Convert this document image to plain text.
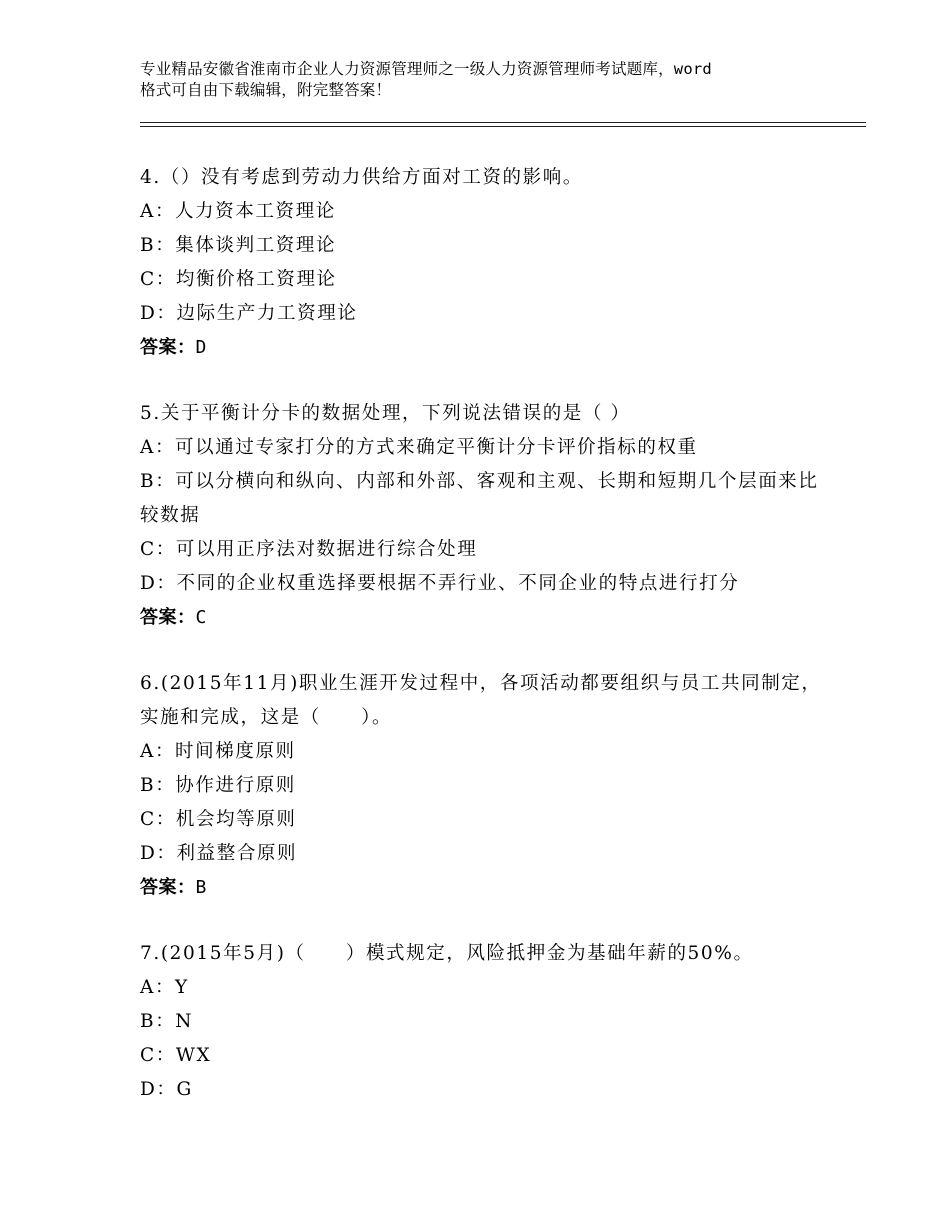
专业精品安徽省淮南市企业人力资源管理师之一级人力资源管理师考试题库，word
格式可自由下载编辑，附完整答案！
4.（）没有考虑到劳动力供给方面对工资的影响。
A：人力资本工资理论
B：集体谈判工资理论
C：均衡价格工资理论
D：边际生产力工资理论
答案：D
5.关于平衡计分卡的数据处理，下列说法错误的是（ ）
A：可以通过专家打分的方式来确定平衡计分卡评价指标的权重
B：可以分横向和纵向、内部和外部、客观和主观、长期和短期几个层面来比较数据
C：可以用正序法对数据进行综合处理
D：不同的企业权重选择要根据不弄行业、不同企业的特点进行打分
答案：C
6.(2015年11月)职业生涯开发过程中，各项活动都要组织与员工共同制定，实施和完成，这是（　　）。
A：时间梯度原则
B：协作进行原则
C：机会均等原则
D：利益整合原则
答案：B
7.(2015年5月)（　　）模式规定，风险抵押金为基础年薪的50%。
A：Y
B：N
C：WX
D：G
